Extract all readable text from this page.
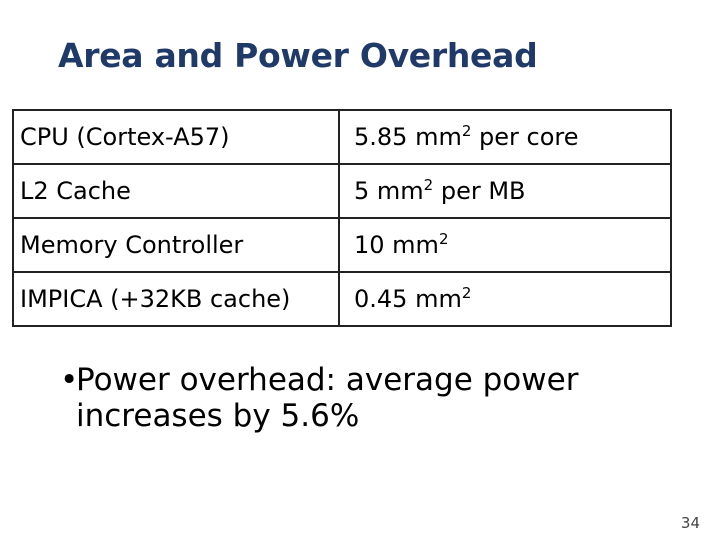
Area and Power Overhead
CPU (Cortex-A57)	5.85 $mm^2$ per core
L2 Cache	5 $mm^2$ per MB
Memory Controller	10 $mm^2$
IMPICA (+32KB cache)	0.45 $mm^2$
•
Power overhead: average power increases by 5.6%
34
